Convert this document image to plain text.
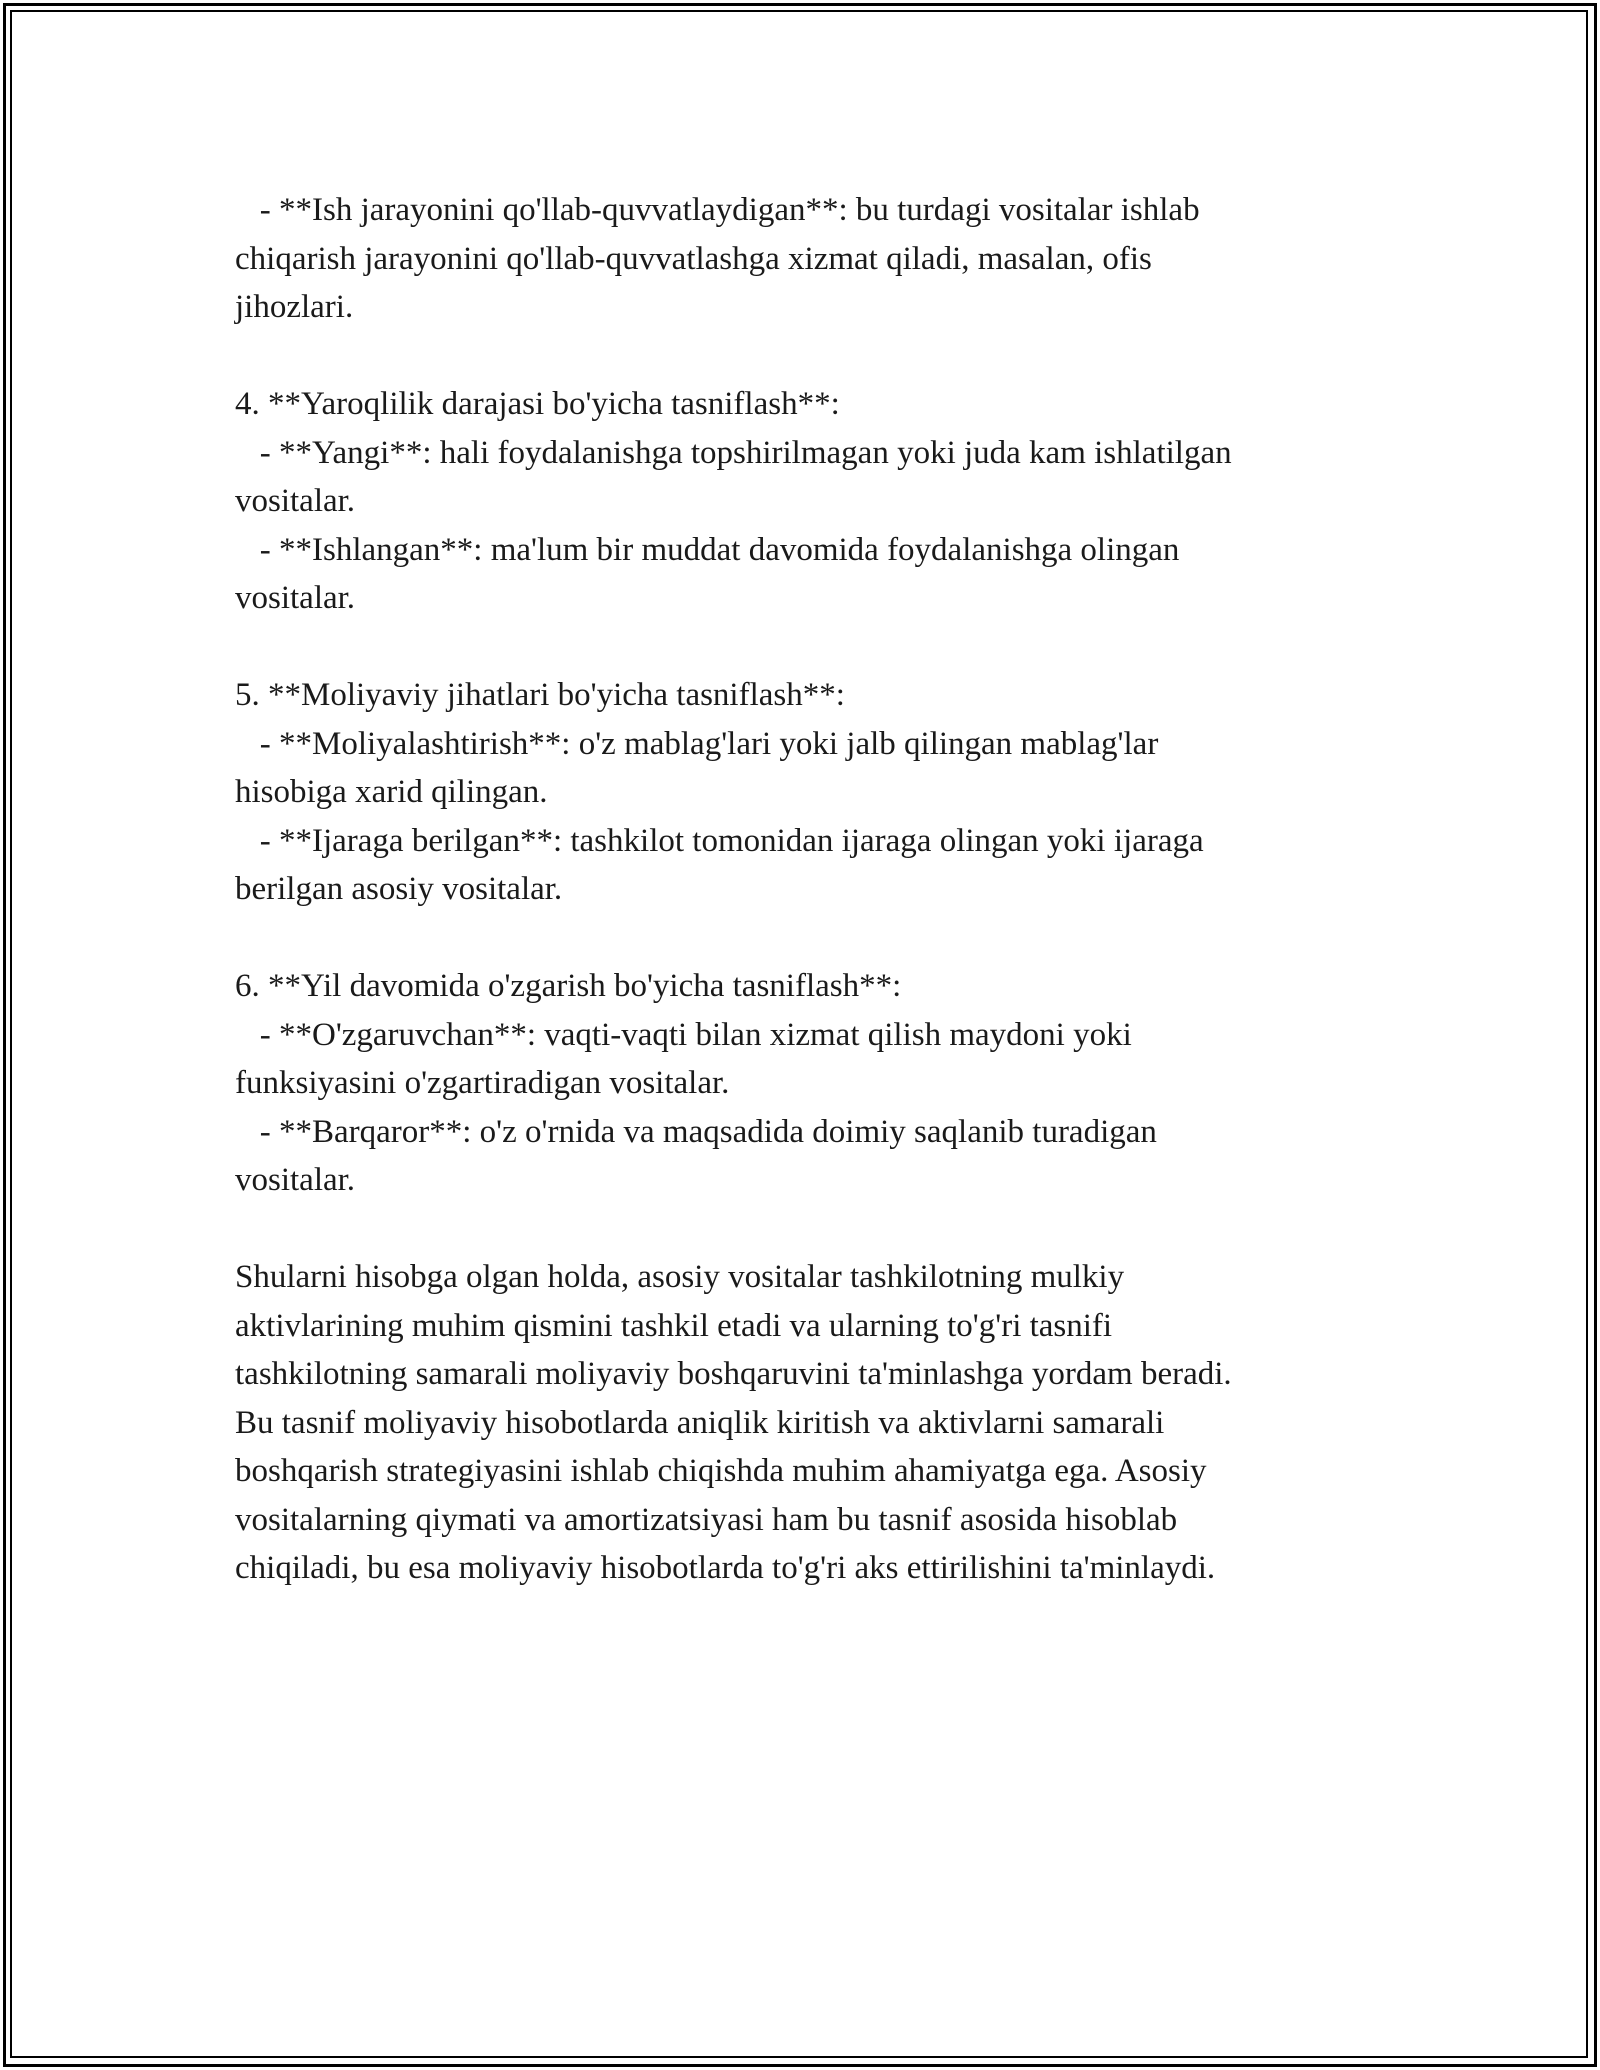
- **Ish jarayonini qo'llab-quvvatlaydigan**: bu turdagi vositalar ishlab
chiqarish jarayonini qo'llab-quvvatlashga xizmat qiladi, masalan, ofis
jihozlari.
4. **Yaroqlilik darajasi bo'yicha tasniflash**:
- **Yangi**: hali foydalanishga topshirilmagan yoki juda kam ishlatilgan
vositalar.
- **Ishlangan**: ma'lum bir muddat davomida foydalanishga olingan
vositalar.
5. **Moliyaviy jihatlari bo'yicha tasniflash**:
- **Moliyalashtirish**: o'z mablag'lari yoki jalb qilingan mablag'lar
hisobiga xarid qilingan.
- **Ijaraga berilgan**: tashkilot tomonidan ijaraga olingan yoki ijaraga
berilgan asosiy vositalar.
6. **Yil davomida o'zgarish bo'yicha tasniflash**:
- **O'zgaruvchan**: vaqti-vaqti bilan xizmat qilish maydoni yoki
funksiyasini o'zgartiradigan vositalar.
- **Barqaror**: o'z o'rnida va maqsadida doimiy saqlanib turadigan
vositalar.
Shularni hisobga olgan holda, asosiy vositalar tashkilotning mulkiy
aktivlarining muhim qismini tashkil etadi va ularning to'g'ri tasnifi
tashkilotning samarali moliyaviy boshqaruvini ta'minlashga yordam beradi.
Bu tasnif moliyaviy hisobotlarda aniqlik kiritish va aktivlarni samarali
boshqarish strategiyasini ishlab chiqishda muhim ahamiyatga ega. Asosiy
vositalarning qiymati va amortizatsiyasi ham bu tasnif asosida hisoblab
chiqiladi, bu esa moliyaviy hisobotlarda to'g'ri aks ettirilishini ta'minlaydi.
